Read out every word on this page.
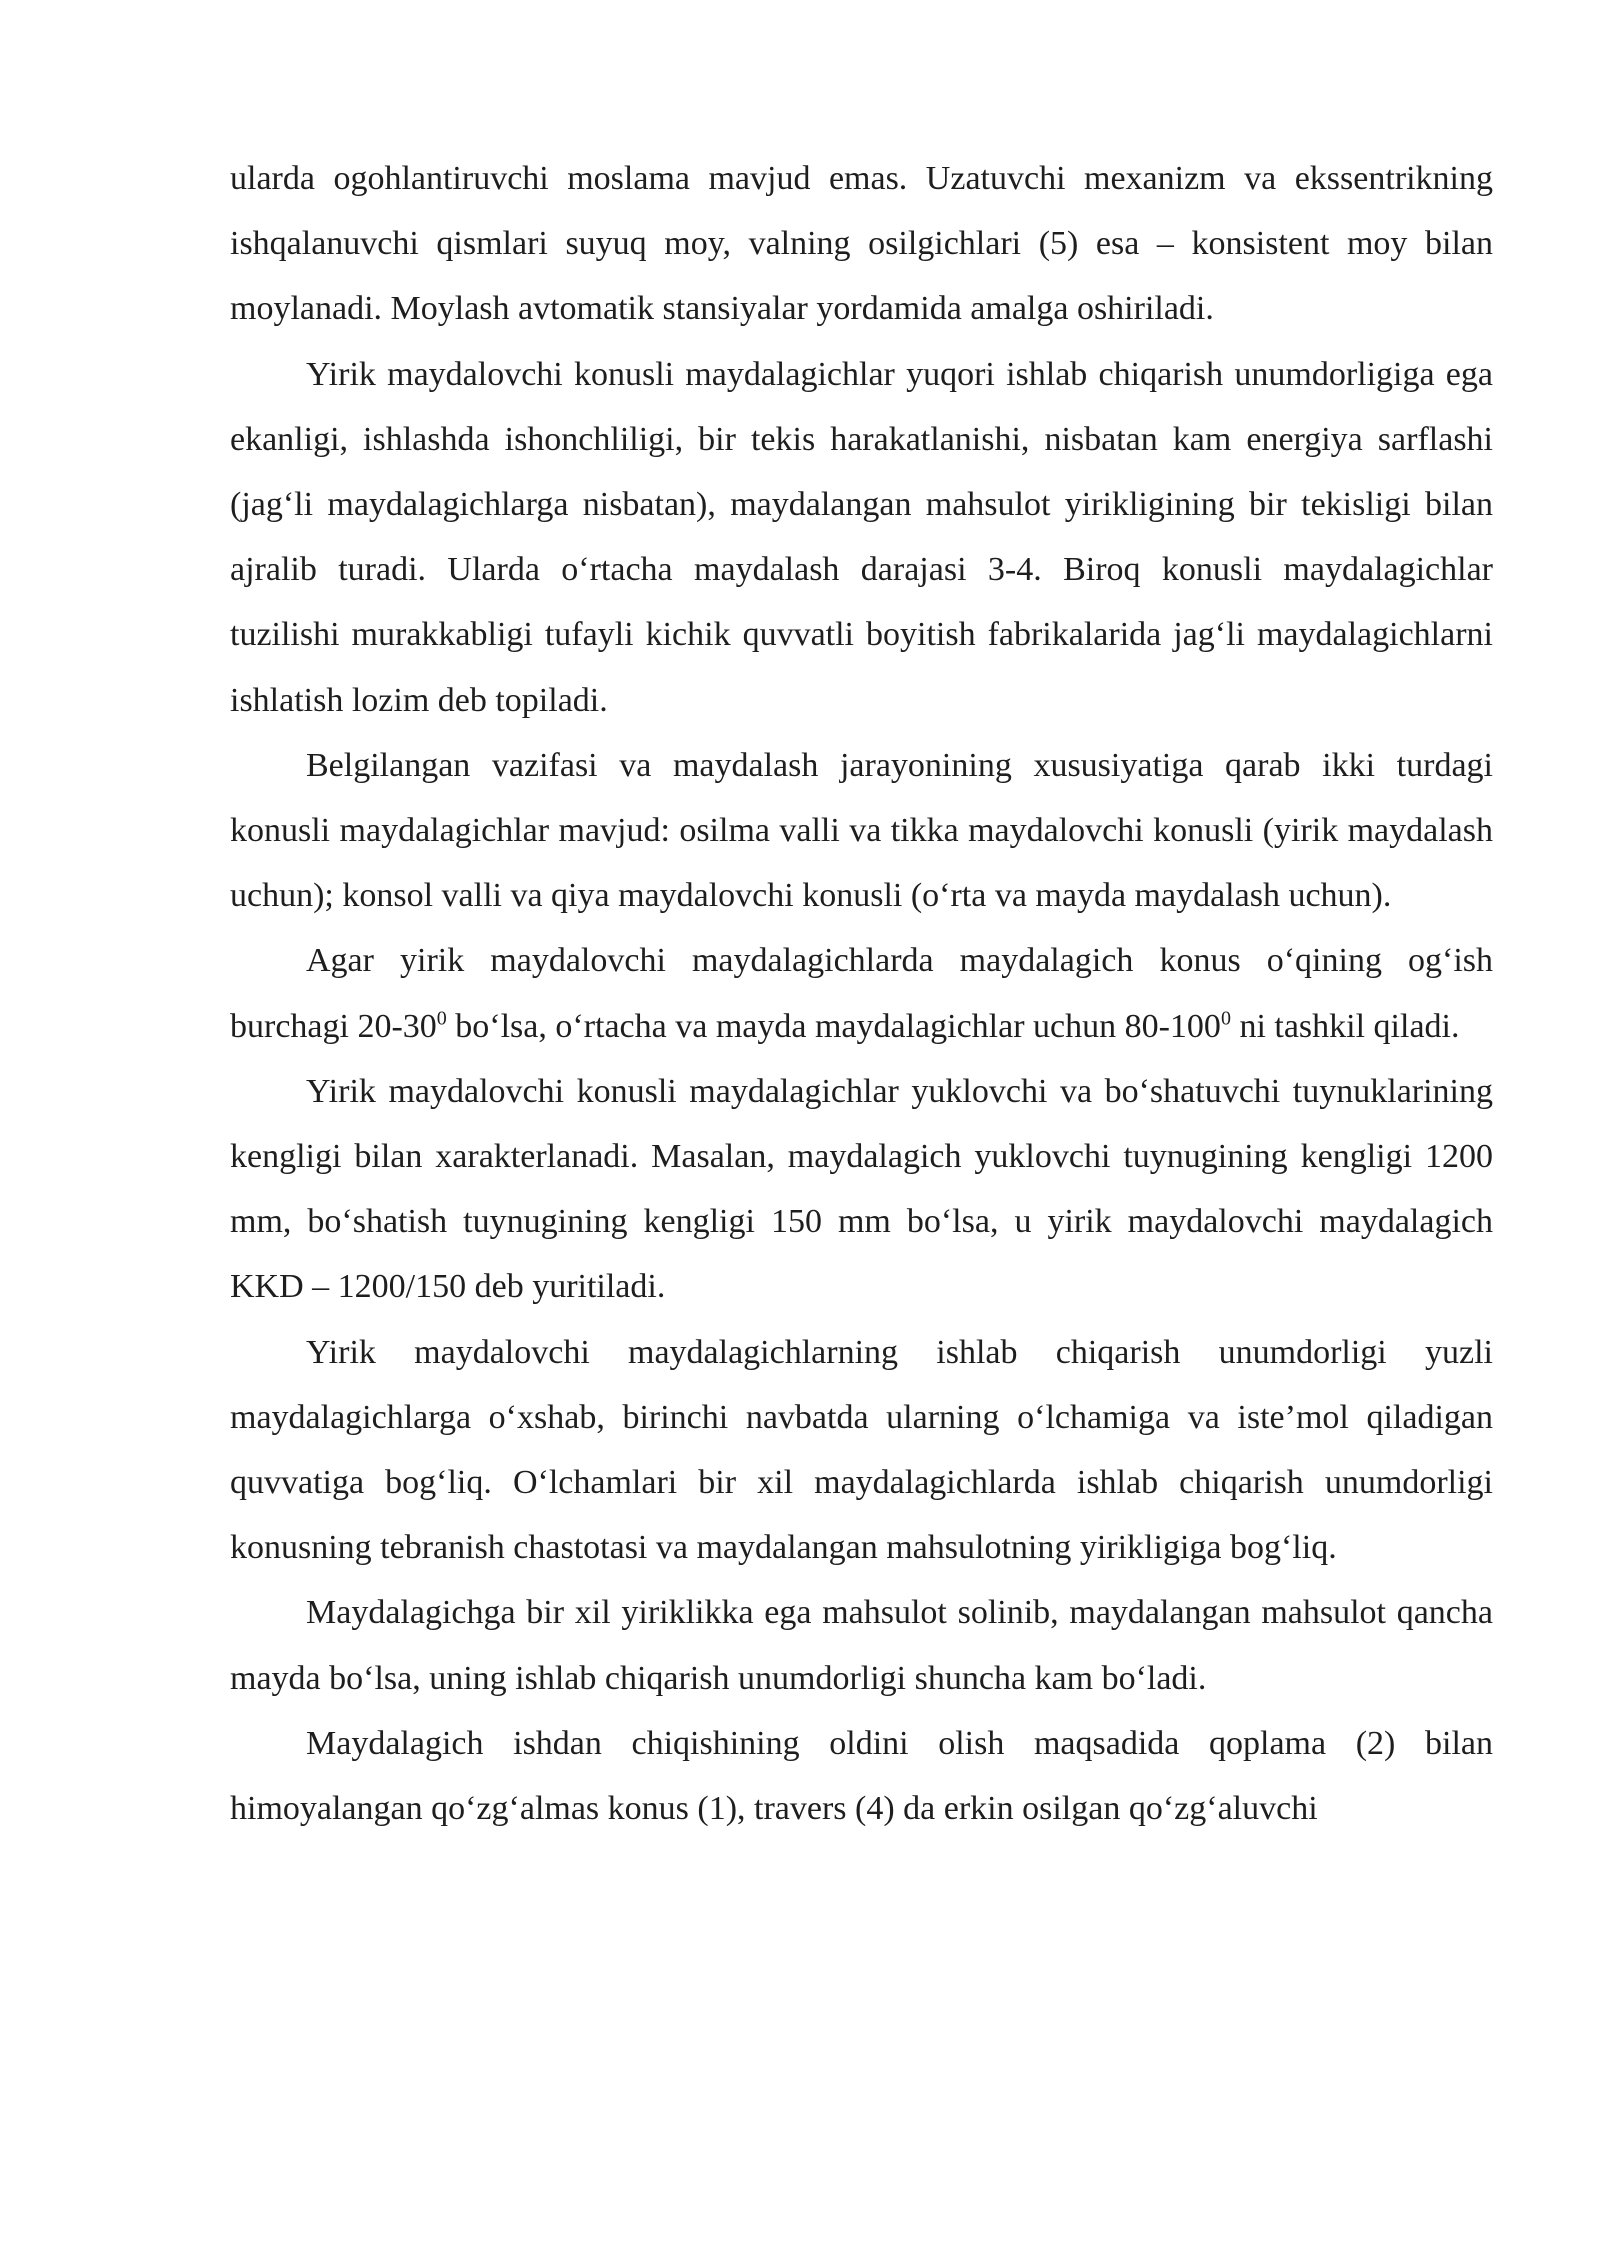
ularda ogohlantiruvchi moslama mavjud emas. Uzatuvchi mexanizm va ekssentrikning ishqalanuvchi qismlari suyuq moy, valning osilgichlari (5) esa – konsistent moy bilan moylanadi. Moylash avtomatik stansiyalar yordamida amalga oshiriladi.

Yirik maydalovchi konusli maydalagichlar yuqori ishlab chiqarish unumdorligiga ega ekanligi, ishlashda ishonchliligi, bir tekis harakatlanishi, nisbatan kam energiya sarflashi (jag‘li maydalagichlarga nisbatan), maydalangan mahsulot yirikligining bir tekisligi bilan ajralib turadi. Ularda o‘rtacha maydalash darajasi 3-4. Biroq konusli maydalagichlar tuzilishi murakkabligi tufayli kichik quvvatli boyitish fabrikalarida jag‘li maydalagichlarni ishlatish lozim deb topiladi.

Belgilangan vazifasi va maydalash jarayonining xususiyatiga qarab ikki turdagi konusli maydalagichlar mavjud: osilma valli va tikka maydalovchi konusli (yirik maydalash uchun); konsol valli va qiya maydalovchi konusli (o‘rta va mayda maydalash uchun).

Agar yirik maydalovchi maydalagichlarda maydalagich konus o‘qining og‘ish burchagi $20-30^0$ bo‘lsa, o‘rtacha va mayda maydalagichlar uchun $80-100^0$ ni tashkil qiladi.

Yirik maydalovchi konusli maydalagichlar yuklovchi va bo‘shatuvchi tuynuklarining kengligi bilan xarakterlanadi. Masalan, maydalagich yuklovchi tuynugining kengligi 1200 mm, bo‘shatish tuynugining kengligi 150 mm bo‘lsa, u yirik maydalovchi maydalagich KKD – 1200/150 deb yuritiladi.

Yirik maydalovchi maydalagichlarning ishlab chiqarish unumdorligi yuzli maydalagichlarga o‘xshab, birinchi navbatda ularning o‘lchamiga va iste’mol qiladigan quvvatiga bog‘liq. O‘lchamlari bir xil maydalagichlarda ishlab chiqarish unumdorligi konusning tebranish chastotasi va maydalangan mahsulotning yirikligiga bog‘liq.

Maydalagichga bir xil yiriklikka ega mahsulot solinib, maydalangan mahsulot qancha mayda bo‘lsa, uning ishlab chiqarish unumdorligi shuncha kam bo‘ladi.

Maydalagich ishdan chiqishining oldini olish maqsadida qoplama (2) bilan himoyalangan qo‘zg‘almas konus (1), travers (4) da erkin osilgan qo‘zg‘aluvchi
